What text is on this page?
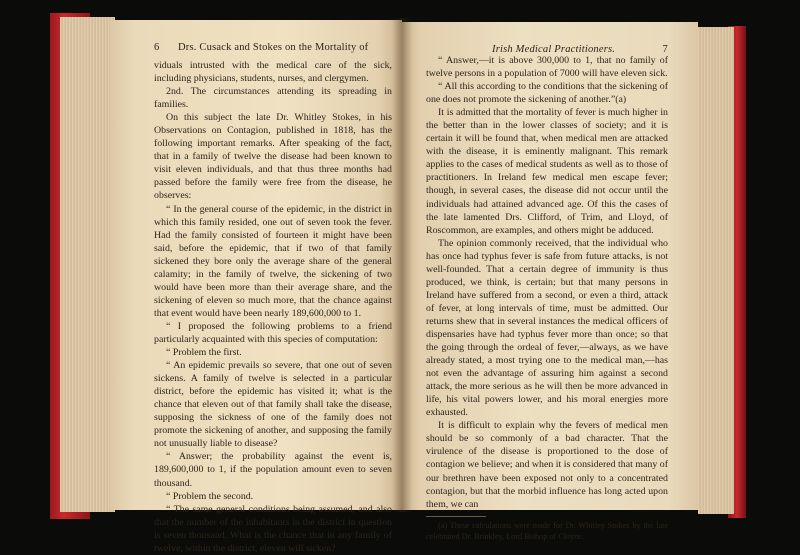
6 Drs. Cusack and Stokes on the Mortality of

viduals intrusted with the medical care of the sick, including physicians, students, nurses, and clergymen.

2nd. The circumstances attending its spreading in families.

On this subject the late Dr. Whitley Stokes, in his Observations on Contagion, published in 1818, has the following important remarks. After speaking of the fact, that in a family of twelve the disease had been known to visit eleven individuals, and that thus three months had passed before the family were free from the disease, he observes:

“ In the general course of the epidemic, in the district in which this family resided, one out of seven took the fever. Had the family consisted of fourteen it might have been said, before the epidemic, that if two of that family sickened they bore only the average share of the general calamity; in the family of twelve, the sickening of two would have been more than their average share, and the sickening of eleven so much more, that the chance against that event would have been nearly 189,600,000 to 1.

“ I proposed the following problems to a friend particularly acquainted with this species of computation:

“ Problem the first.

“ An epidemic prevails so severe, that one out of seven sickens. A family of twelve is selected in a particular district, before the epidemic has visited it; what is the chance that eleven out of that family shall take the disease, supposing the sickness of one of the family does not promote the sickening of another, and supposing the family not unusually liable to disease?

“ Answer; the probability against the event is, 189,600,000 to 1, if the population amount even to seven thousand.

“ Problem the second.

“ The same general conditions being assumed, and also that the number of the inhabitants in the district in question is seven thousand. What is the chance that in any family of twelve, within the district, eleven will sicken?

Irish Medical Practitioners.	7

“ Answer,—it is above 300,000 to 1, that no family of twelve persons in a population of 7000 will have eleven sick.

“ All this according to the conditions that the sickening of one does not promote the sickening of another.”(a)

It is admitted that the mortality of fever is much higher in the better than in the lower classes of society; and it is certain it will be found that, when medical men are attacked with the disease, it is eminently malignant. This remark applies to the cases of medical students as well as to those of practitioners. In Ireland few medical men escape fever; though, in several cases, the disease did not occur until the individuals had attained advanced age. Of this the cases of the late lamented Drs. Clifford, of Trim, and Lloyd, of Roscommon, are examples, and others might be adduced.

The opinion commonly received, that the individual who has once had typhus fever is safe from future attacks, is not well-founded. That a certain degree of immunity is thus produced, we think, is certain; but that many persons in Ireland have suffered from a second, or even a third, attack of fever, at long intervals of time, must be admitted. Our returns shew that in several instances the medical officers of dispensaries have had typhus fever more than once; so that the going through the ordeal of fever,—always, as we have already stated, a most trying one to the medical man,—has not even the advantage of assuring him against a second attack, the more serious as he will then be more advanced in life, his vital powers lower, and his moral energies more exhausted.

It is difficult to explain why the fevers of medical men should be so commonly of a bad character. That the virulence of the disease is proportioned to the dose of contagion we believe; and when it is considered that many of our brethren have been exposed not only to a concentrated contagion, but that the morbid influence has long acted upon them, we can

(a) These calculations were made for Dr. Whitley Stokes by the late celebrated Dr. Brinkley, Lord Bishop of Cloyne.
